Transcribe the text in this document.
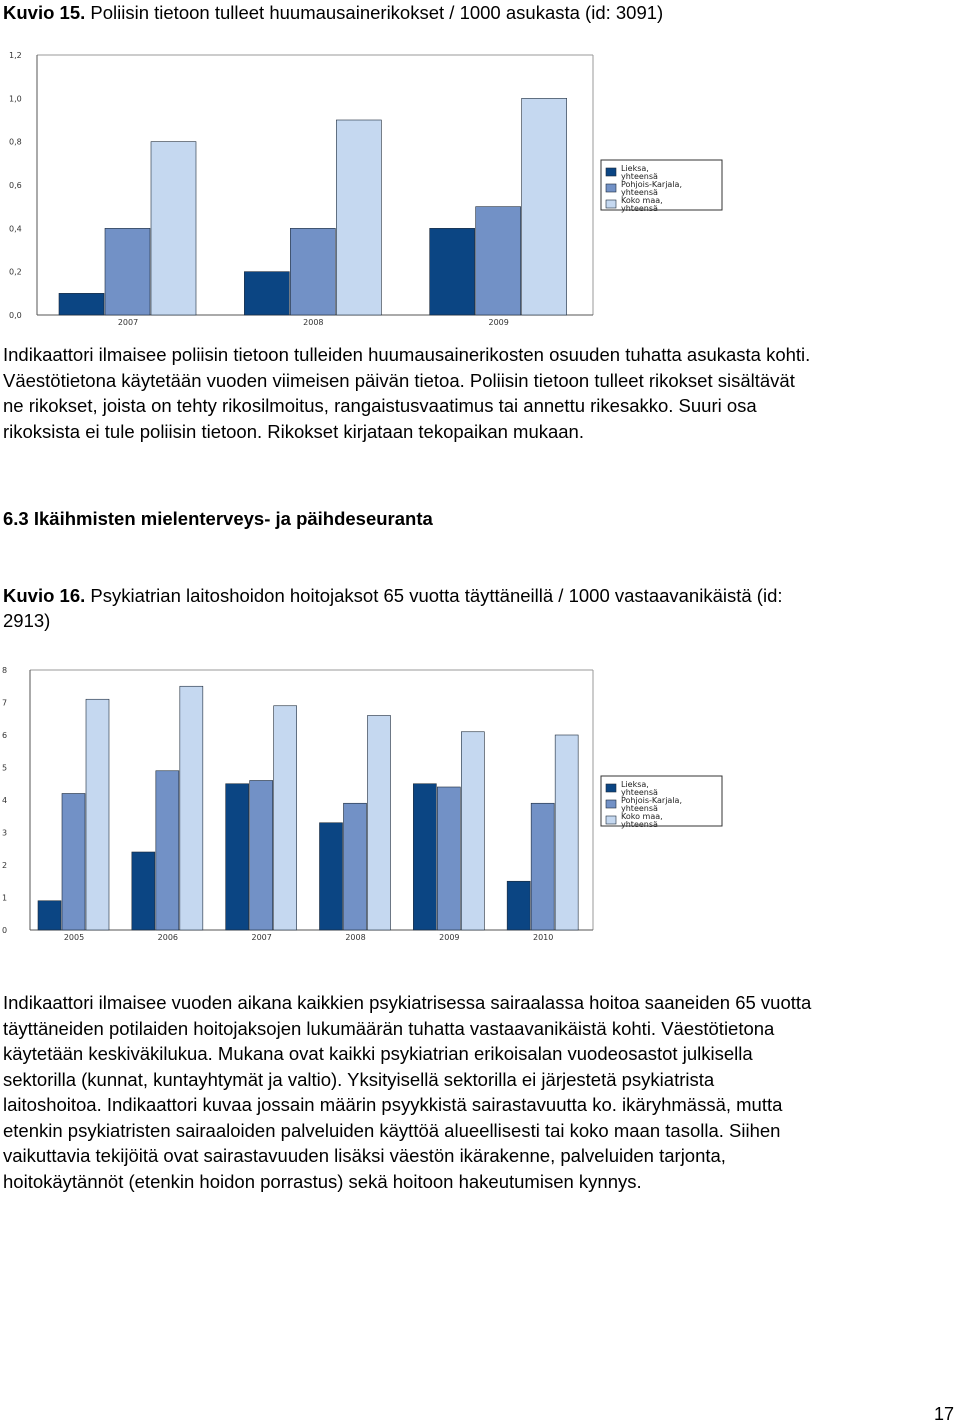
Kuvio 15. Poliisin tietoon tulleet huumausainerikokset / 1000 asukasta (id: 3091)
0,0
0,2
0,4
0,6
0,8
1,0
1,2
2007	2008	2009
Lieksa,
yhteensä
Pohjois-Karjala,
yhteensä
Koko maa,
yhteensä

Indikaattori ilmaisee poliisin tietoon tulleiden huumausainerikosten osuuden tuhatta asukasta kohti.
Väestötietona käytetään vuoden viimeisen päivän tietoa. Poliisin tietoon tulleet rikokset sisältävät
ne rikokset, joista on tehty rikosilmoitus, rangaistusvaatimus tai annettu rikesakko. Suuri osa
rikoksista ei tule poliisin tietoon. Rikokset kirjataan tekopaikan mukaan.

6.3 Ikäihmisten mielenterveys- ja päihdeseuranta
Kuvio 16. Psykiatrian laitoshoidon hoitojaksot 65 vuotta täyttäneillä / 1000 vastaavanikäistä (id:
2913)
0
1
2
3
4
5
6
7
8
2005	2006	2007	2008	2009	2010
Lieksa,
yhteensä
Pohjois-Karjala,
yhteensä
Koko maa,
yhteensä

Indikaattori ilmaisee vuoden aikana kaikkien psykiatrisessa sairaalassa hoitoa saaneiden 65 vuotta
täyttäneiden potilaiden hoitojaksojen lukumäärän tuhatta vastaavanikäistä kohti. Väestötietona
käytetään keskiväkilukua. Mukana ovat kaikki psykiatrian erikoisalan vuodeosastot julkisella
sektorilla (kunnat, kuntayhtymät ja valtio). Yksityisellä sektorilla ei järjestetä psykiatrista
laitoshoitoa. Indikaattori kuvaa jossain määrin psyykkistä sairastavuutta ko. ikäryhmässä, mutta
etenkin psykiatristen sairaaloiden palveluiden käyttöä alueellisesti tai koko maan tasolla. Siihen
vaikuttavia tekijöitä ovat sairastavuuden lisäksi väestön ikärakenne, palveluiden tarjonta,
hoitokäytännöt (etenkin hoidon porrastus) sekä hoitoon hakeutumisen kynnys.

17
